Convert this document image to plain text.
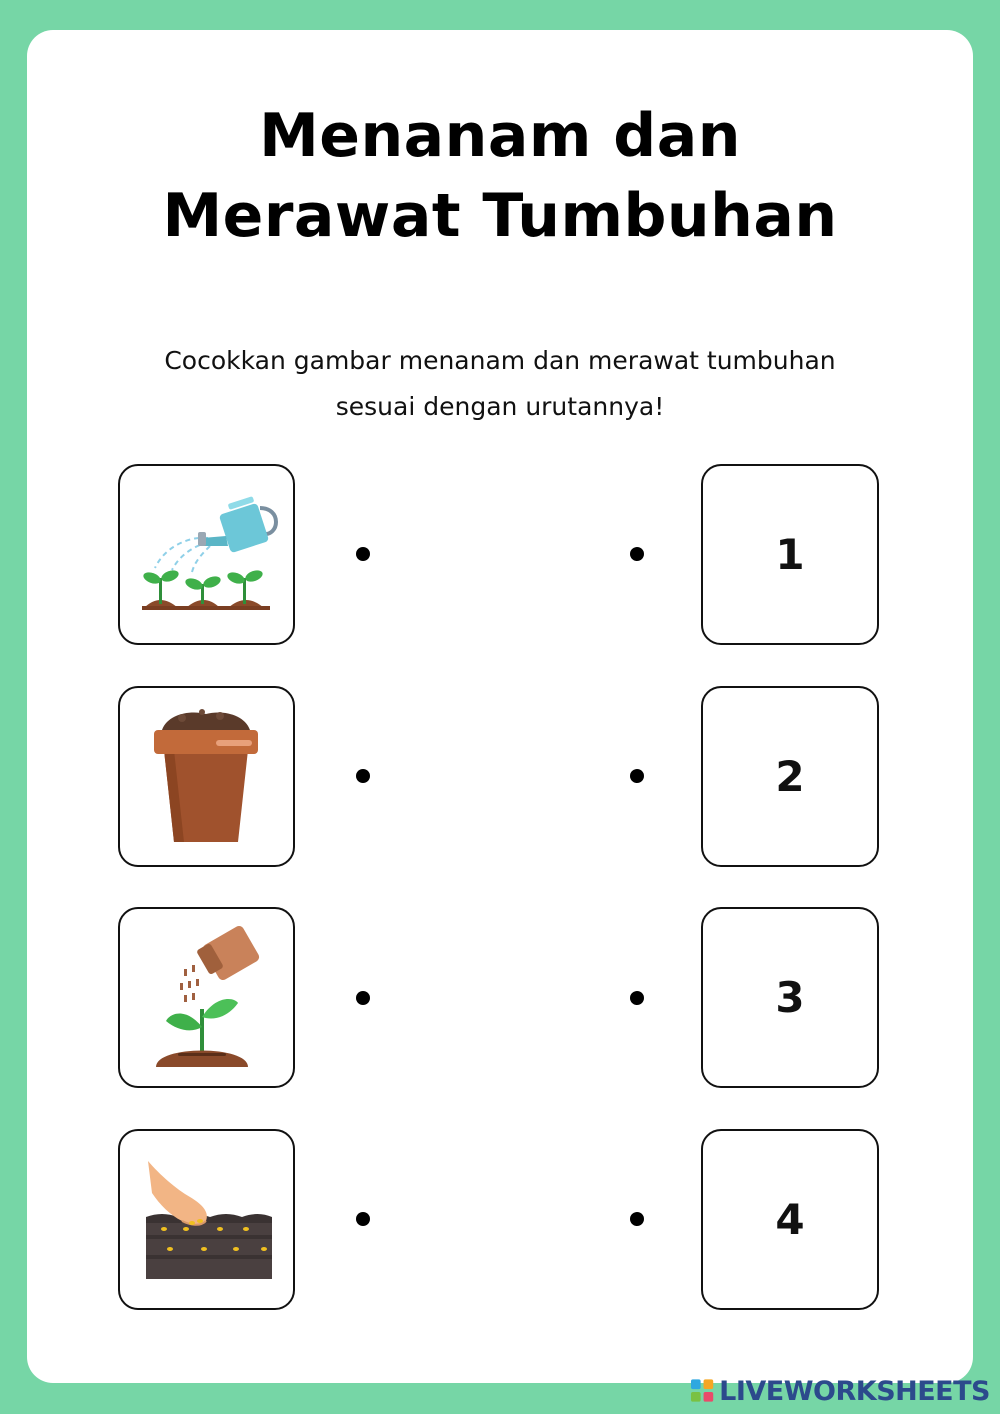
Menanam dan
Merawat Tumbuhan
Cocokkan gambar menanam dan merawat tumbuhan
sesuai dengan urutannya!
1
2
3
4
LIVEWORKSHEETS
